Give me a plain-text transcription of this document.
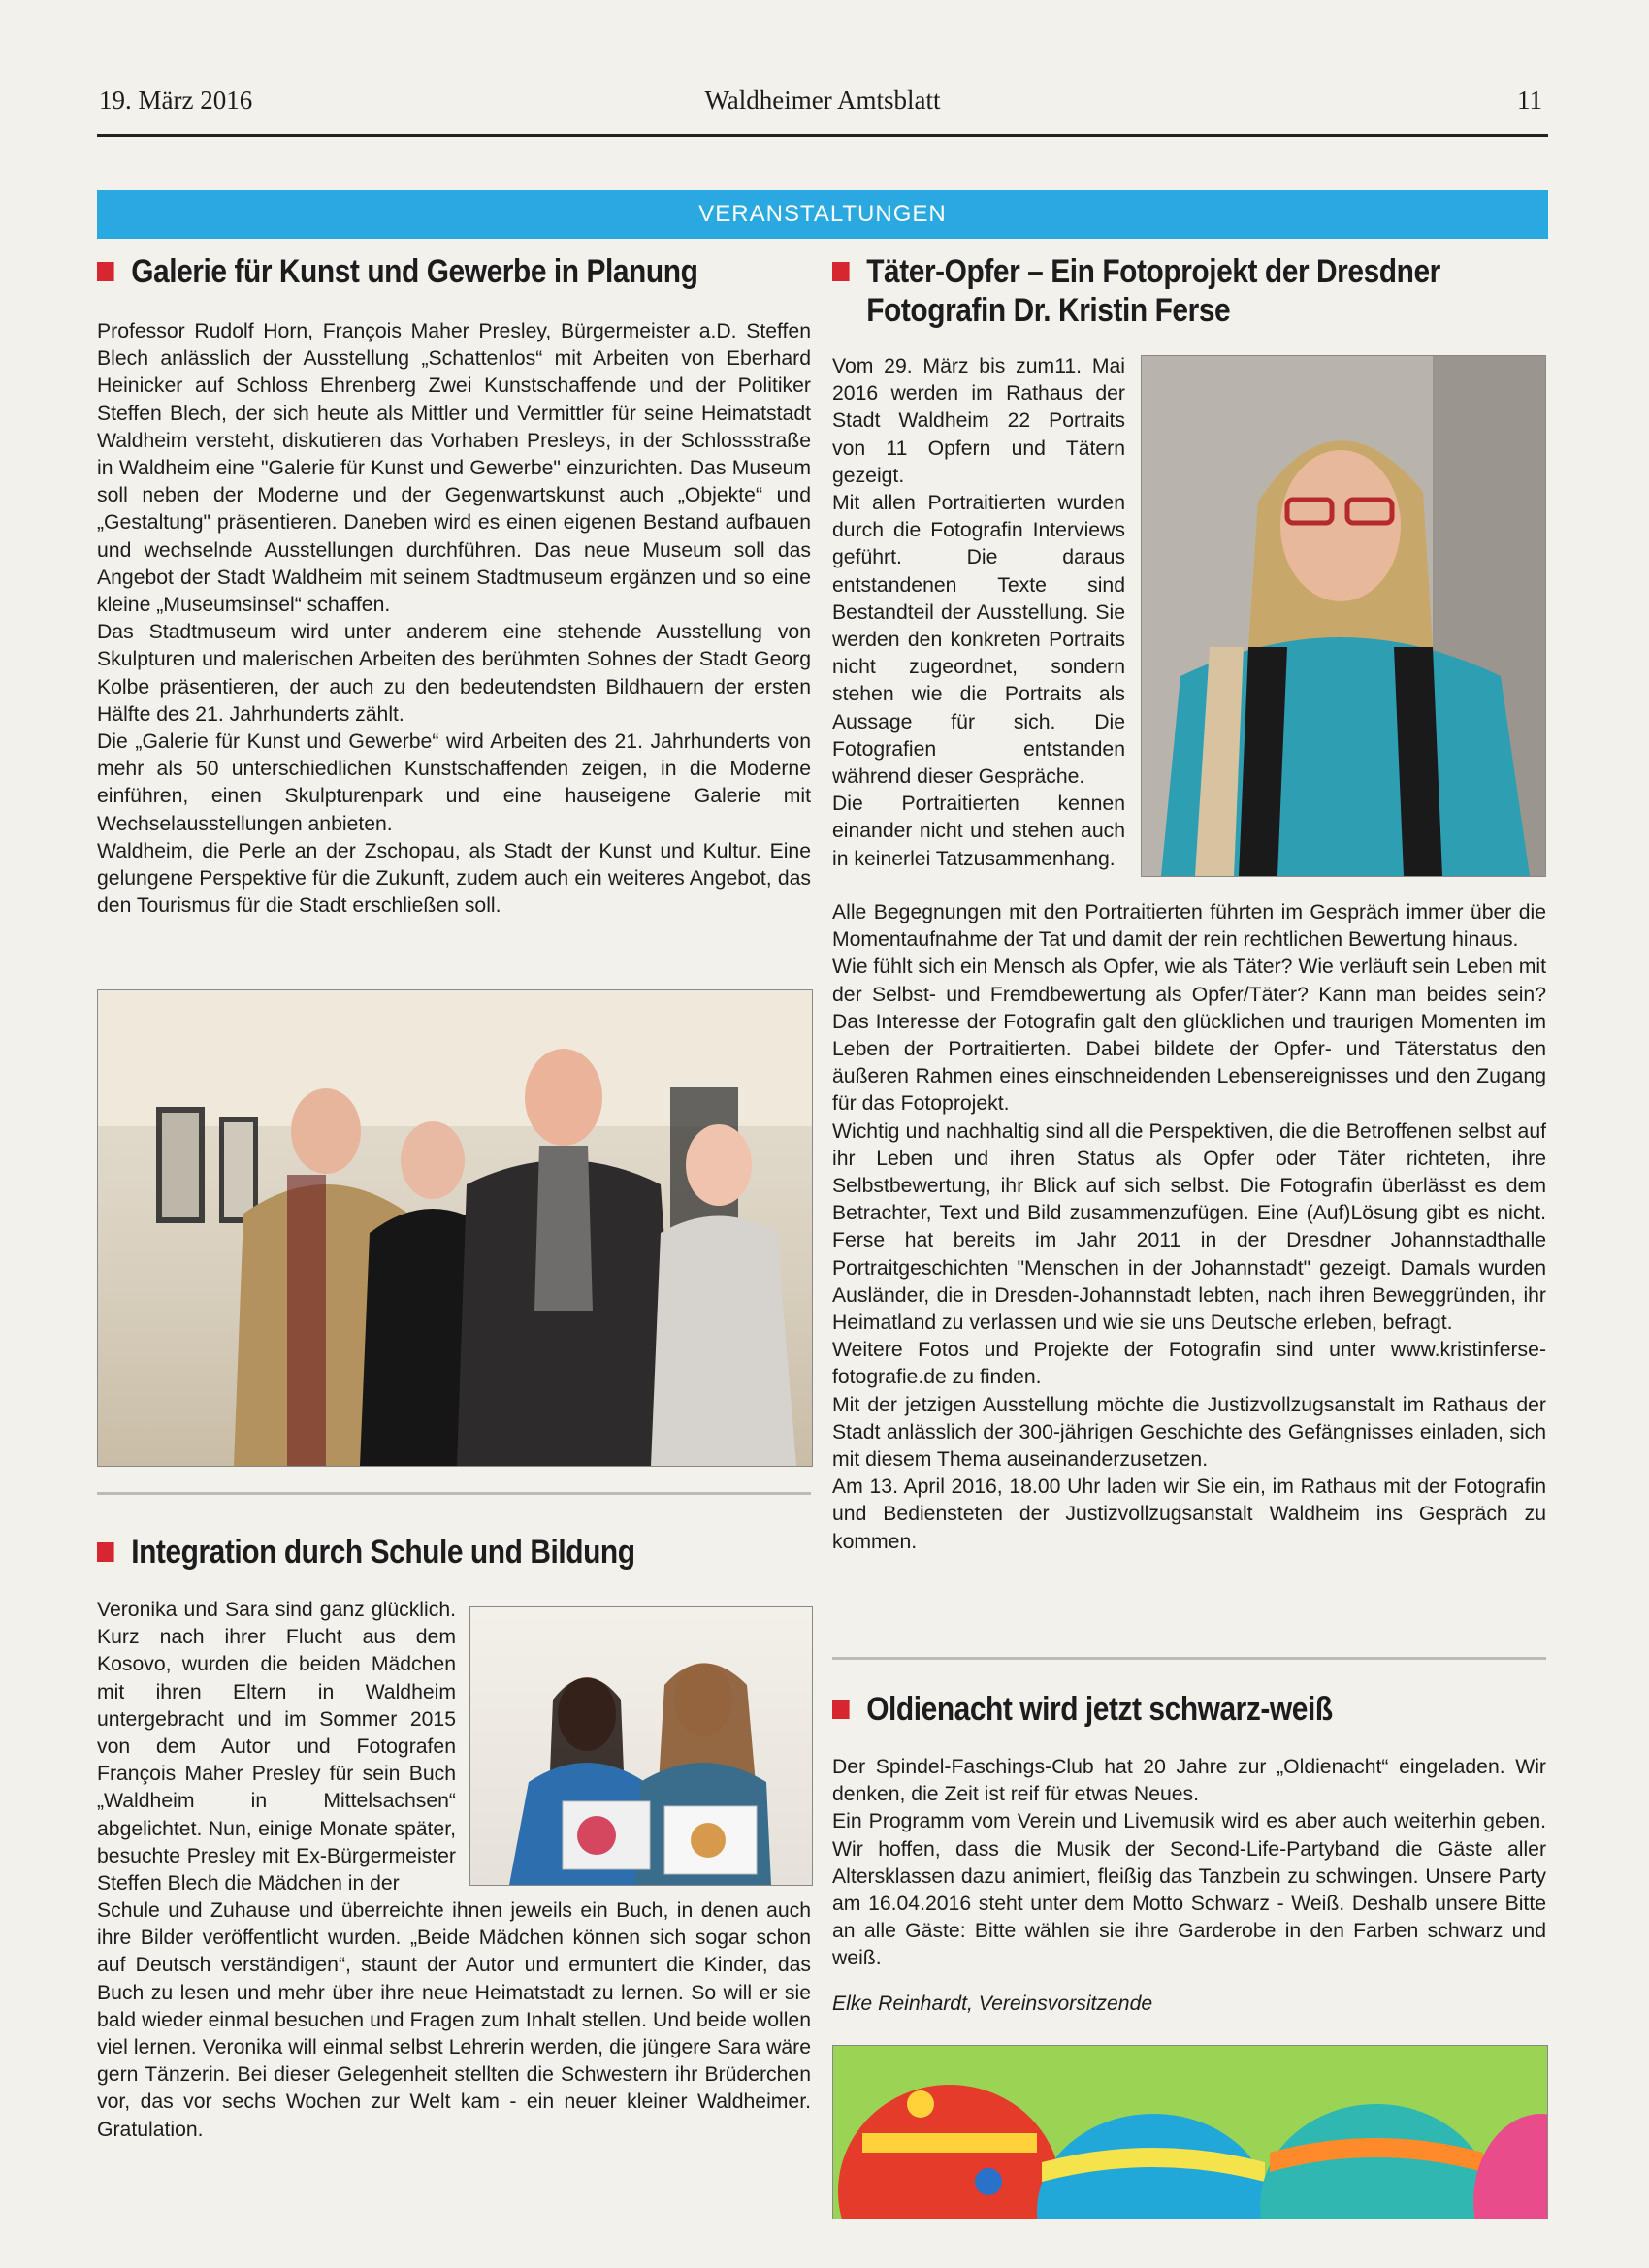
19. März 2016	Waldheimer Amtsblatt	11
VERANSTALTUNGEN
Galerie für Kunst und Gewerbe in Planung

Professor Rudolf Horn, François Maher Presley, Bürgermeister a.D. Steffen Blech anlässlich der Ausstellung „Schattenlos“ mit Arbeiten von Eberhard Heinicker auf Schloss Ehrenberg Zwei Kunstschaffende und der Politiker Steffen Blech, der sich heute als Mittler und Vermittler für seine Heimatstadt Waldheim versteht, diskutieren das Vorhaben Presleys, in der Schlossstraße in Waldheim eine "Galerie für Kunst und Gewerbe" einzurichten. Das Museum soll neben der Moderne und der Gegenwartskunst auch „Objekte“ und „Gestaltung" präsentieren. Daneben wird es einen eigenen Bestand aufbauen und wechselnde Ausstellungen durchführen. Das neue Museum soll das Angebot der Stadt Waldheim mit seinem Stadtmuseum ergänzen und so eine kleine „Museumsinsel“ schaffen.

Das Stadtmuseum wird unter anderem eine stehende Ausstellung von Skulpturen und malerischen Arbeiten des berühmten Sohnes der Stadt Georg Kolbe präsentieren, der auch zu den bedeutendsten Bildhauern der ersten Hälfte des 21. Jahrhunderts zählt.

Die „Galerie für Kunst und Gewerbe“ wird Arbeiten des 21. Jahrhunderts von mehr als 50 unterschiedlichen Kunstschaffenden zeigen, in die Moderne einführen, einen Skulpturenpark und eine hauseigene Galerie mit Wechselausstellungen anbieten.

Waldheim, die Perle an der Zschopau, als Stadt der Kunst und Kultur. Eine gelungene Perspektive für die Zukunft, zudem auch ein weiteres Angebot, das den Tourismus für die Stadt erschließen soll.

Integration durch Schule und Bildung

Veronika und Sara sind ganz glücklich. Kurz nach ihrer Flucht aus dem Kosovo, wurden die beiden Mädchen mit ihren Eltern in Waldheim untergebracht und im Sommer 2015 von dem Autor und Fotografen François Maher Presley für sein Buch „Waldheim in Mittelsachsen“ abgelichtet. Nun, einige Monate später, besuchte Presley mit Ex-Bürgermeister Steffen Blech die Mädchen in der

Schule und Zuhause und überreichte ihnen jeweils ein Buch, in denen auch ihre Bilder veröffentlicht wurden. „Beide Mädchen können sich sogar schon auf Deutsch verständigen“, staunt der Autor und ermuntert die Kinder, das Buch zu lesen und mehr über ihre neue Heimatstadt zu lernen. So will er sie bald wieder einmal besuchen und Fragen zum Inhalt stellen. Und beide wollen viel lernen. Veronika will einmal selbst Lehrerin werden, die jüngere Sara wäre gern Tänzerin. Bei dieser Gelegenheit stellten die Schwestern ihr Brüderchen vor, das vor sechs Wochen zur Welt kam - ein neuer kleiner Waldheimer. Gratulation.

Täter-Opfer – Ein Fotoprojekt der Dresdner
Fotografin Dr. Kristin Ferse

Vom 29. März bis zum11. Mai 2016 werden im Rathaus der Stadt Waldheim 22 Portraits von 11 Opfern und Tätern gezeigt.

Mit allen Portraitierten wurden durch die Fotografin Interviews geführt. Die daraus entstandenen Texte sind Bestandteil der Ausstellung. Sie werden den konkreten Portraits nicht zugeordnet, sondern stehen wie die Portraits als Aussage für sich. Die Fotografien entstanden während dieser Gespräche.

Die Portraitierten kennen einander nicht und stehen auch in keinerlei Tatzusammenhang.

Alle Begegnungen mit den Portraitierten führten im Gespräch immer über die Momentaufnahme der Tat und damit der rein rechtlichen Bewertung hinaus.

Wie fühlt sich ein Mensch als Opfer, wie als Täter? Wie verläuft sein Leben mit der Selbst- und Fremdbewertung als Opfer/Täter? Kann man beides sein? Das Interesse der Fotografin galt den glücklichen und traurigen Momenten im Leben der Portraitierten. Dabei bildete der Opfer- und Täterstatus den äußeren Rahmen eines einschneidenden Lebensereignisses und den Zugang für das Fotoprojekt.

Wichtig und nachhaltig sind all die Perspektiven, die die Betroffenen selbst auf ihr Leben und ihren Status als Opfer oder Täter richteten, ihre Selbstbewertung, ihr Blick auf sich selbst. Die Fotografin überlässt es dem Betrachter, Text und Bild zusammenzufügen. Eine (Auf)Lösung gibt es nicht. Ferse hat bereits im Jahr 2011 in der Dresdner Johannstadthalle Portraitgeschichten "Menschen in der Johannstadt" gezeigt. Damals wurden Ausländer, die in Dresden-Johannstadt lebten, nach ihren Beweggründen, ihr Heimatland zu verlassen und wie sie uns Deutsche erleben, befragt.

Weitere Fotos und Projekte der Fotografin sind unter www.kristinferse-fotografie.de zu finden.

Mit der jetzigen Ausstellung möchte die Justizvollzugsanstalt im Rathaus der Stadt anlässlich der 300-jährigen Geschichte des Gefängnisses einladen, sich mit diesem Thema auseinanderzusetzen.

Am 13. April 2016, 18.00 Uhr laden wir Sie ein, im Rathaus mit der Fotografin und Bediensteten der Justizvollzugsanstalt Waldheim ins Gespräch zu kommen.

Oldienacht wird jetzt schwarz-weiß

Der Spindel-Faschings-Club hat 20 Jahre zur „Oldienacht“ eingeladen. Wir denken, die Zeit ist reif für etwas Neues.

Ein Programm vom Verein und Livemusik wird es aber auch weiterhin geben. Wir hoffen, dass die Musik der Second-Life-Partyband die Gäste aller Altersklassen dazu animiert, fleißig das Tanzbein zu schwingen. Unsere Party am 16.04.2016 steht unter dem Motto Schwarz - Weiß. Deshalb unsere Bitte an alle Gäste: Bitte wählen sie ihre Garderobe in den Farben schwarz und weiß.

Elke Reinhardt, Vereinsvorsitzende
